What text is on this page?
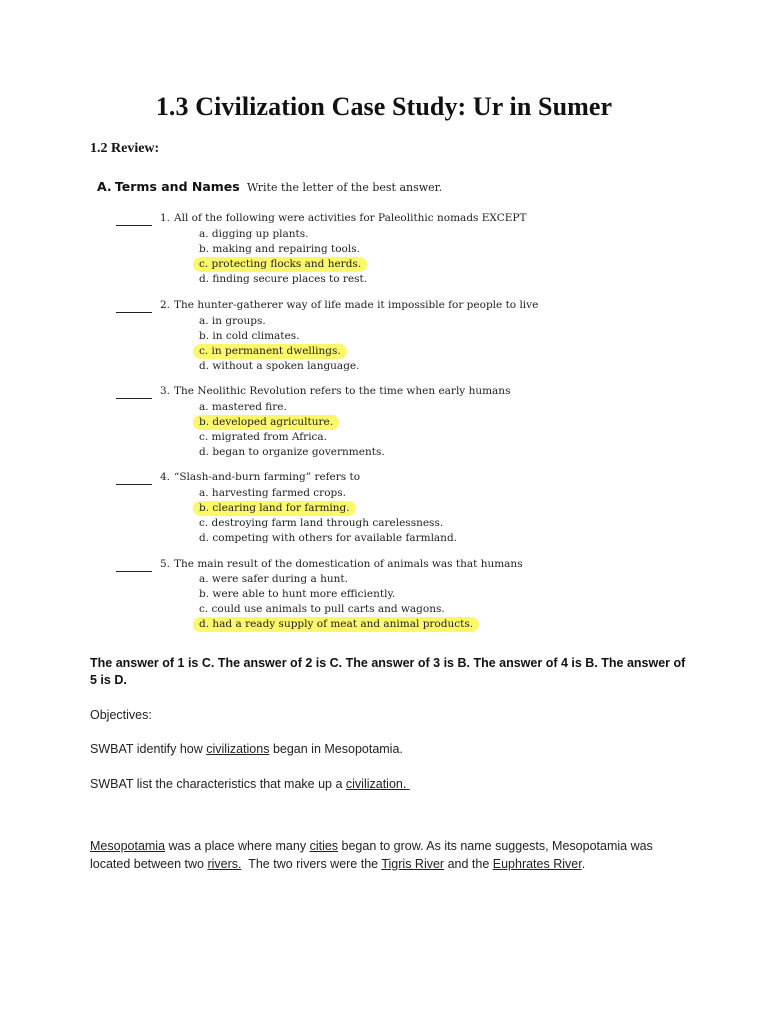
1.3 Civilization Case Study: Ur in Sumer
1.2 Review:
A. Terms and Names Write the letter of the best answer.
1. All of the following were activities for Paleolithic nomads EXCEPT
a. digging up plants.
b. making and repairing tools.
c. protecting flocks and herds.
d. finding secure places to rest.
2. The hunter-gatherer way of life made it impossible for people to live
a. in groups.
b. in cold climates.
c. in permanent dwellings.
d. without a spoken language.
3. The Neolithic Revolution refers to the time when early humans
a. mastered fire.
b. developed agriculture.
c. migrated from Africa.
d. began to organize governments.
4. “Slash-and-burn farming” refers to
a. harvesting farmed crops.
b. clearing land for farming.
c. destroying farm land through carelessness.
d. competing with others for available farmland.
5. The main result of the domestication of animals was that humans
a. were safer during a hunt.
b. were able to hunt more efficiently.
c. could use animals to pull carts and wagons.
d. had a ready supply of meat and animal products.
The answer of 1 is C. The answer of 2 is C. The answer of 3 is B. The answer of 4 is B. The answer of 5 is D.
Objectives:
SWBAT identify how civilizations began in Mesopotamia.
SWBAT list the characteristics that make up a civilization.
Mesopotamia was a place where many cities began to grow. As its name suggests, Mesopotamia was
located between two rivers.  The two rivers were the Tigris River and the Euphrates River.
